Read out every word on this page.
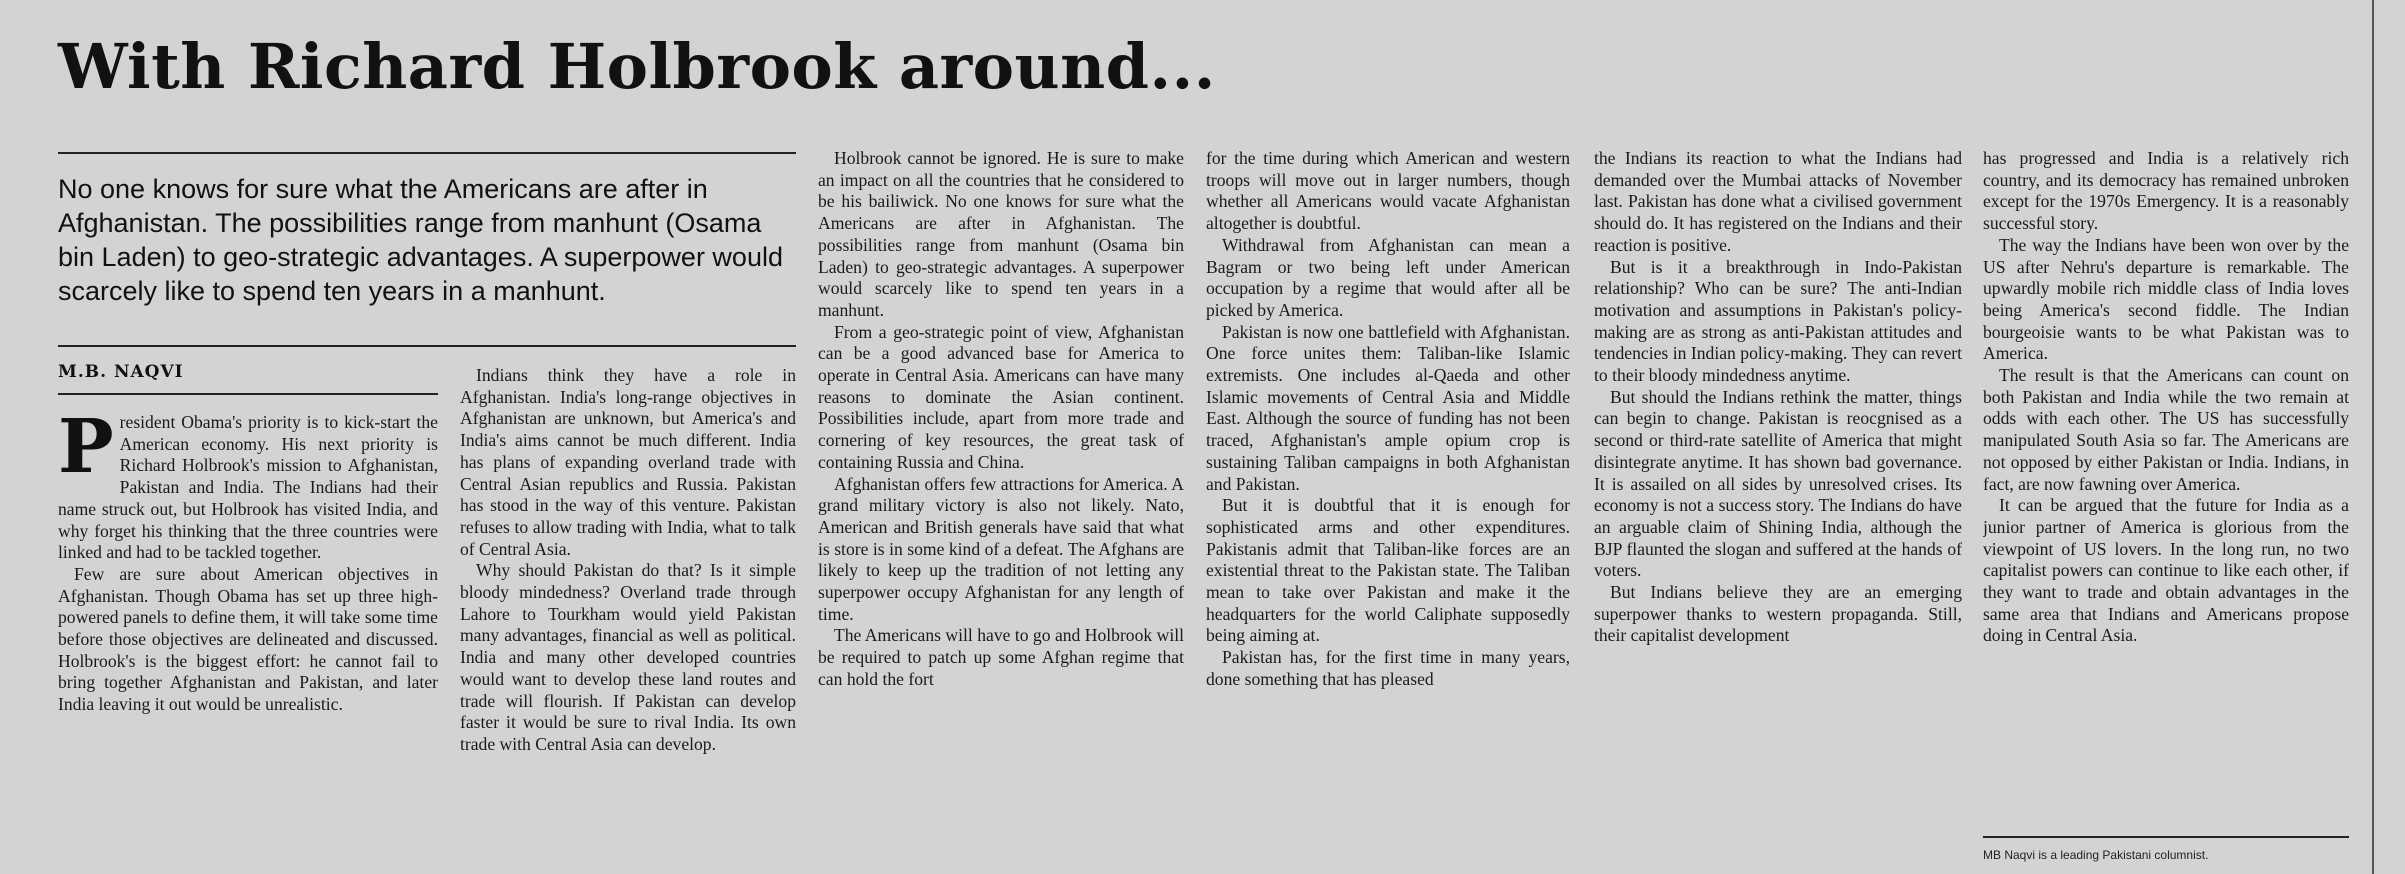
With Richard Holbrook around...
No one knows for sure what the Americans are after in Afghanistan. The possibilities range from manhunt (Osama bin Laden) to geo-strategic advantages. A superpower would scarcely like to spend ten years in a manhunt.
M.B. NAQVI

President Obama's priority is to kick-start the American economy. His next priority is Richard Holbrook's mission to Afghanistan, Pakistan and India. The Indians had their name struck out, but Holbrook has visited India, and why forget his thinking that the three countries were linked and had to be tackled together.

Few are sure about American objectives in Afghanistan. Though Obama has set up three high-powered panels to define them, it will take some time before those objectives are delineated and discussed. Holbrook's is the biggest effort: he cannot fail to bring together Afghanistan and Pakistan, and later India leaving it out would be unrealistic.

Indians think they have a role in Afghanistan. India's long-range objectives in Afghanistan are unknown, but America's and India's aims cannot be much different. India has plans of expanding overland trade with Central Asian republics and Russia. Pakistan has stood in the way of this venture. Pakistan refuses to allow trading with India, what to talk of Central Asia.

Why should Pakistan do that? Is it simple bloody mindedness? Overland trade through Lahore to Tourkham would yield Pakistan many advantages, financial as well as political. India and many other developed countries would want to develop these land routes and trade will flourish. If Pakistan can develop faster it would be sure to rival India. Its own trade with Central Asia can develop.

Holbrook cannot be ignored. He is sure to make an impact on all the countries that he considered to be his bailiwick. No one knows for sure what the Americans are after in Afghanistan. The possibilities range from manhunt (Osama bin Laden) to geo-strategic advantages. A superpower would scarcely like to spend ten years in a manhunt.

From a geo-strategic point of view, Afghanistan can be a good advanced base for America to operate in Central Asia. Americans can have many reasons to dominate the Asian continent. Possibilities include, apart from more trade and cornering of key resources, the great task of containing Russia and China.

Afghanistan offers few attractions for America. A grand military victory is also not likely. Nato, American and British generals have said that what is store is in some kind of a defeat. The Afghans are likely to keep up the tradition of not letting any superpower occupy Afghanistan for any length of time.

The Americans will have to go and Holbrook will be required to patch up some Afghan regime that can hold the fort

for the time during which American and western troops will move out in larger numbers, though whether all Americans would vacate Afghanistan altogether is doubtful.

Withdrawal from Afghanistan can mean a Bagram or two being left under American occupation by a regime that would after all be picked by America.

Pakistan is now one battlefield with Afghanistan. One force unites them: Taliban-like Islamic extremists. One includes al-Qaeda and other Islamic movements of Central Asia and Middle East. Although the source of funding has not been traced, Afghanistan's ample opium crop is sustaining Taliban campaigns in both Afghanistan and Pakistan.

But it is doubtful that it is enough for sophisticated arms and other expenditures. Pakistanis admit that Taliban-like forces are an existential threat to the Pakistan state. The Taliban mean to take over Pakistan and make it the headquarters for the world Caliphate supposedly being aiming at.

Pakistan has, for the first time in many years, done something that has pleased

the Indians its reaction to what the Indians had demanded over the Mumbai attacks of November last. Pakistan has done what a civilised government should do. It has registered on the Indians and their reaction is positive.

But is it a breakthrough in Indo-Pakistan relationship? Who can be sure? The anti-Indian motivation and assumptions in Pakistan's policy-making are as strong as anti-Pakistan attitudes and tendencies in Indian policy-making. They can revert to their bloody mindedness anytime.

But should the Indians rethink the matter, things can begin to change. Pakistan is reocgnised as a second or third-rate satellite of America that might disintegrate anytime. It has shown bad governance. It is assailed on all sides by unresolved crises. Its economy is not a success story. The Indians do have an arguable claim of Shining India, although the BJP flaunted the slogan and suffered at the hands of voters.

But Indians believe they are an emerging superpower thanks to western propaganda. Still, their capitalist development

has progressed and India is a relatively rich country, and its democracy has remained unbroken except for the 1970s Emergency. It is a reasonably successful story.

The way the Indians have been won over by the US after Nehru's departure is remarkable. The upwardly mobile rich middle class of India loves being America's second fiddle. The Indian bourgeoisie wants to be what Pakistan was to America.

The result is that the Americans can count on both Pakistan and India while the two remain at odds with each other. The US has successfully manipulated South Asia so far. The Americans are not opposed by either Pakistan or India. Indians, in fact, are now fawning over America.

It can be argued that the future for India as a junior partner of America is glorious from the viewpoint of US lovers. In the long run, no two capitalist powers can continue to like each other, if they want to trade and obtain advantages in the same area that Indians and Americans propose doing in Central Asia.

MB Naqvi is a leading Pakistani columnist.
